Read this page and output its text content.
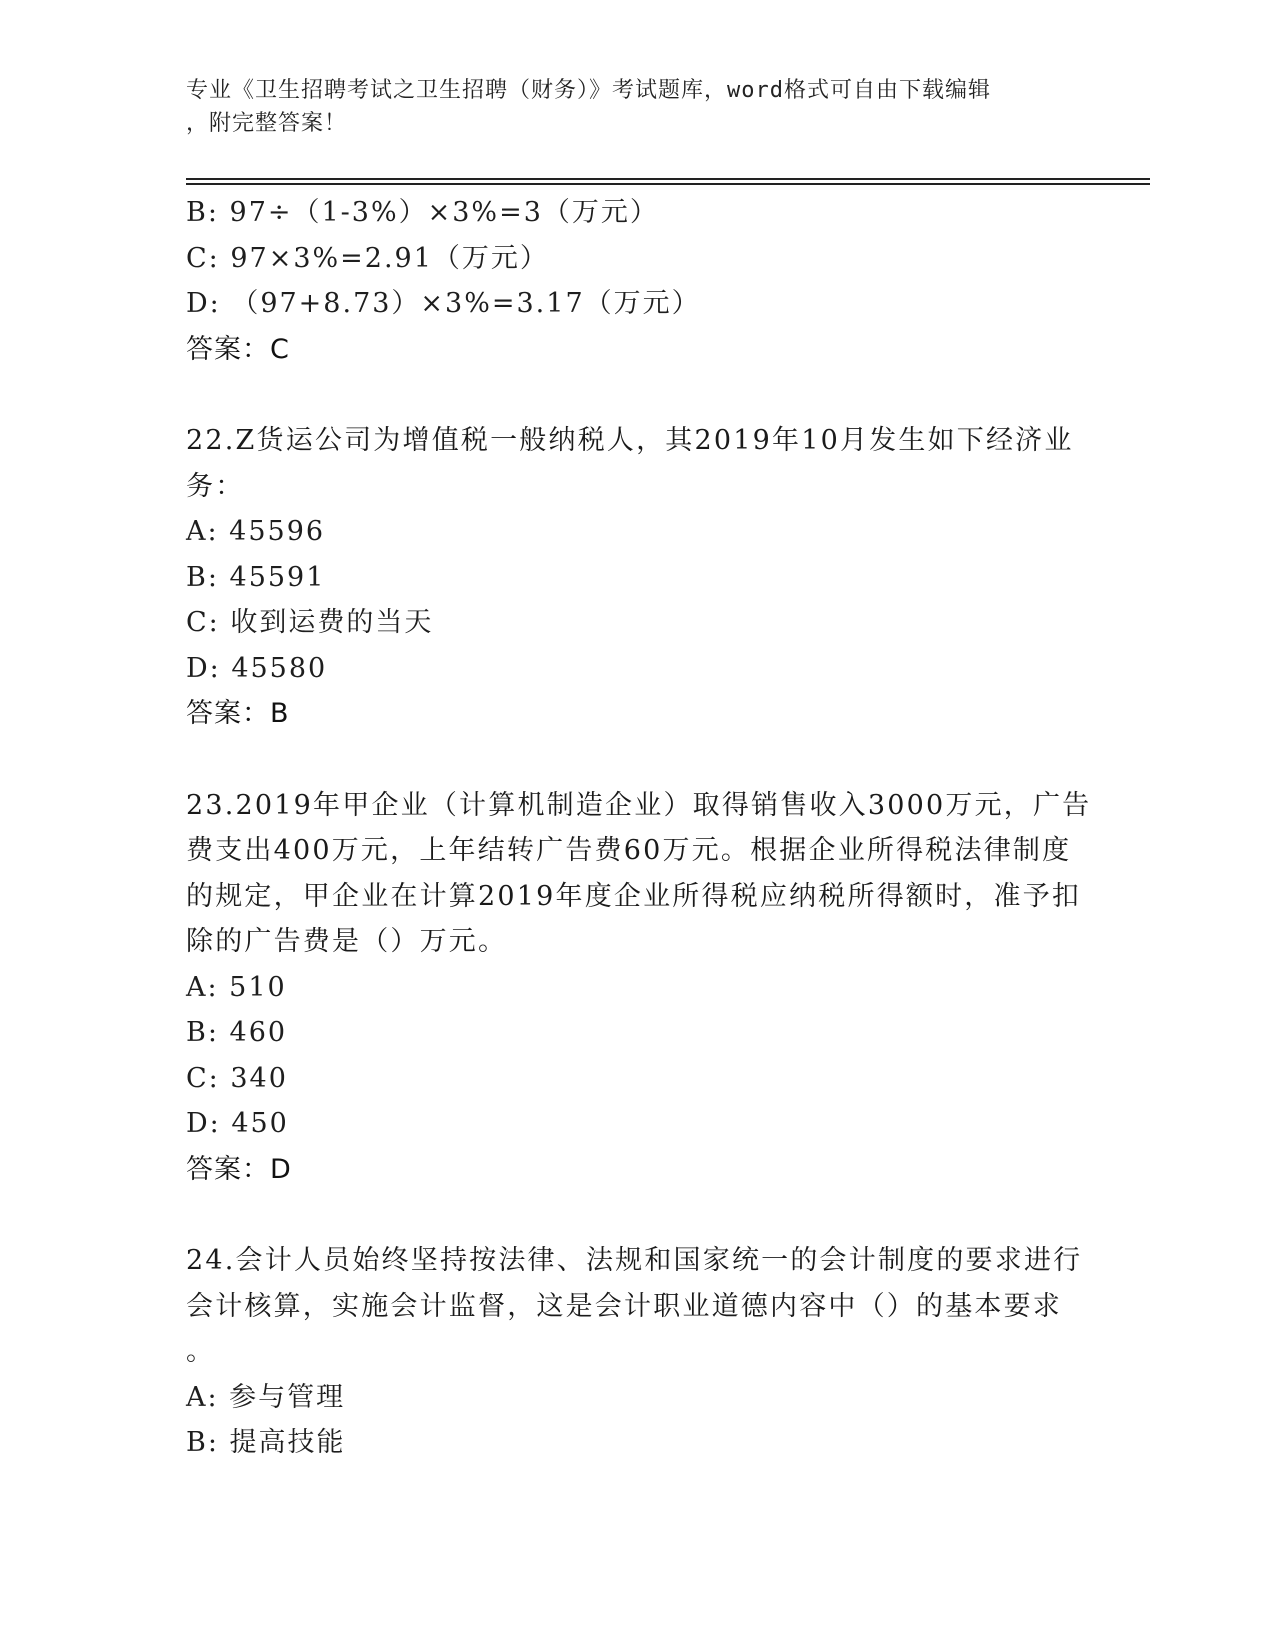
专业《卫生招聘考试之卫生招聘（财务）》考试题库，word格式可自由下载编辑
，附完整答案！
B: 97÷（1-3%）×3%=3（万元）
C: 97×3%=2.91（万元）
D: （97+8.73）×3%=3.17（万元）
答案：C
22.Z货运公司为增值税一般纳税人，其2019年10月发生如下经济业
务：
A: 45596
B: 45591
C: 收到运费的当天
D: 45580
答案：B
23.2019年甲企业（计算机制造企业）取得销售收入3000万元，广告
费支出400万元，上年结转广告费60万元。根据企业所得税法律制度
的规定，甲企业在计算2019年度企业所得税应纳税所得额时，准予扣
除的广告费是（）万元。
A: 510
B: 460
C: 340
D: 450
答案：D
24.会计人员始终坚持按法律、法规和国家统一的会计制度的要求进行
会计核算，实施会计监督，这是会计职业道德内容中（）的基本要求
。
A: 参与管理
B: 提高技能
